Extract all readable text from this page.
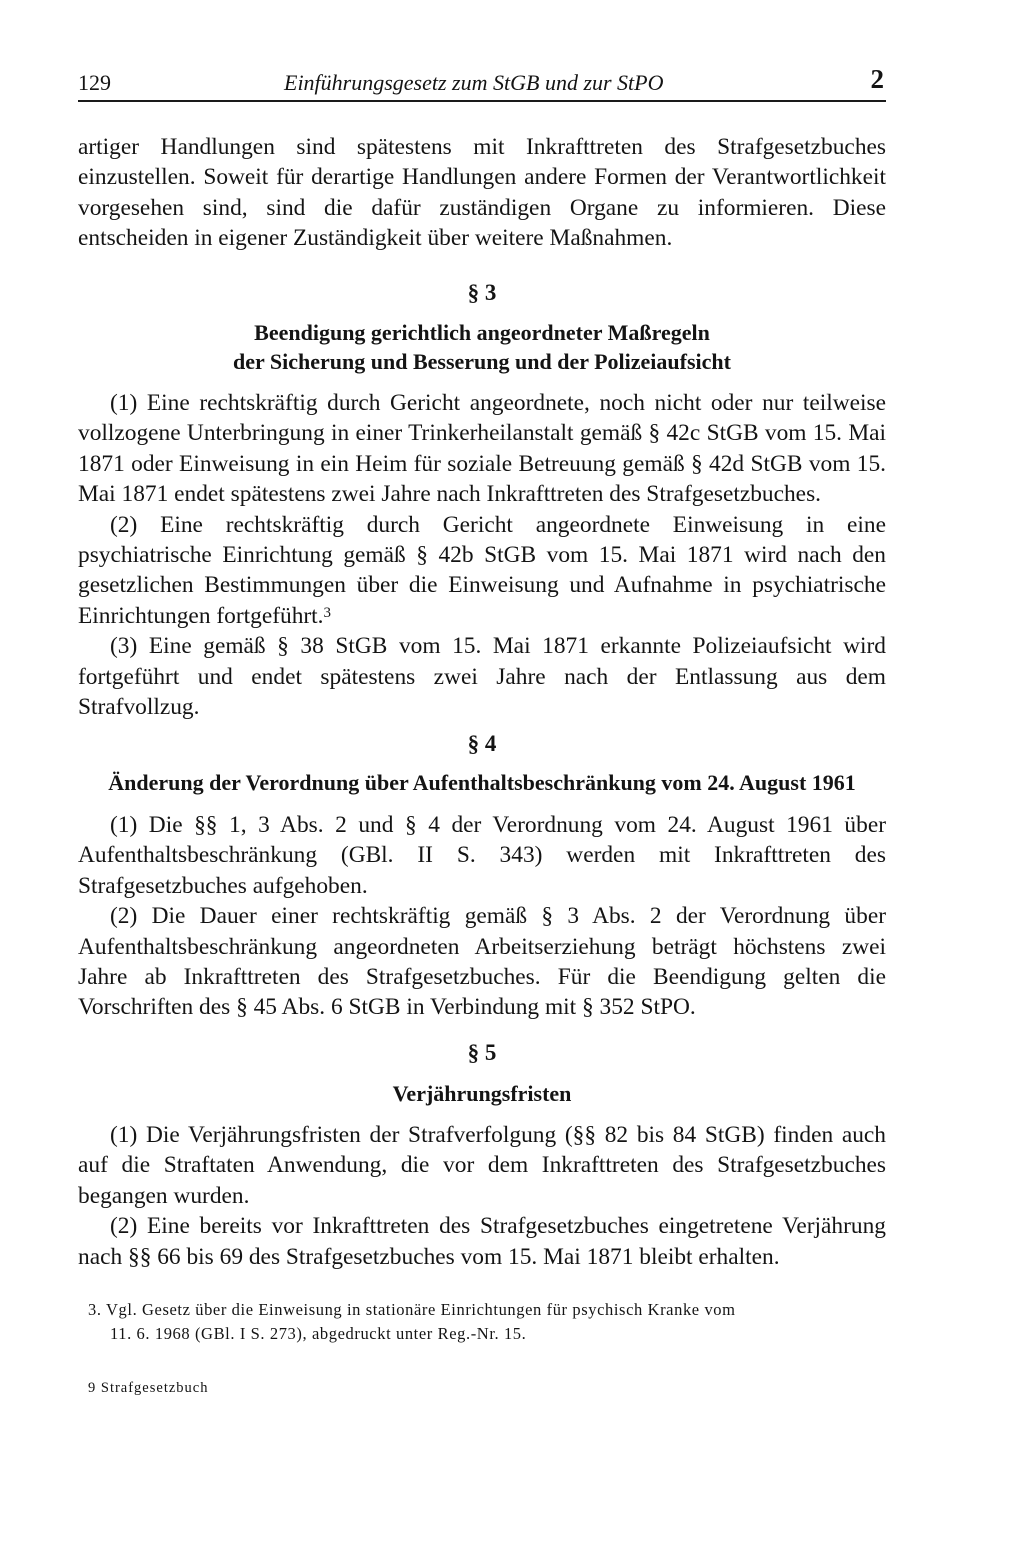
129	Einführungsgesetz zum StGB und zur StPO	2
artiger Handlungen sind spätestens mit Inkrafttreten des Strafgesetzbuches einzustellen. Soweit für derartige Handlungen andere Formen der Verantwortlichkeit vorgesehen sind, sind die dafür zuständigen Organe zu informieren. Diese entscheiden in eigener Zuständigkeit über weitere Maßnahmen.
§ 3
Beendigung gerichtlich angeordneter Maßregeln
der Sicherung und Besserung und der Polizeiaufsicht

(1) Eine rechtskräftig durch Gericht angeordnete, noch nicht oder nur teilweise vollzogene Unterbringung in einer Trinkerheilanstalt gemäß § 42c StGB vom 15. Mai 1871 oder Einweisung in ein Heim für soziale Betreuung gemäß § 42d StGB vom 15. Mai 1871 endet spätestens zwei Jahre nach Inkrafttreten des Strafgesetzbuches.

(2) Eine rechtskräftig durch Gericht angeordnete Einweisung in eine psychiatrische Einrichtung gemäß § 42b StGB vom 15. Mai 1871 wird nach den gesetzlichen Bestimmungen über die Einweisung und Aufnahme in psychiatrische Einrichtungen fortgeführt.$^3$

(3) Eine gemäß § 38 StGB vom 15. Mai 1871 erkannte Polizeiaufsicht wird fortgeführt und endet spätestens zwei Jahre nach der Entlassung aus dem Strafvollzug.

§ 4
Änderung der Verordnung über Aufenthaltsbeschränkung vom 24. August 1961

(1) Die §§ 1, 3 Abs. 2 und § 4 der Verordnung vom 24. August 1961 über Aufenthaltsbeschränkung (GBl. II S. 343) werden mit Inkrafttreten des Strafgesetzbuches aufgehoben.

(2) Die Dauer einer rechtskräftig gemäß § 3 Abs. 2 der Verordnung über Aufenthaltsbeschränkung angeordneten Arbeitserziehung beträgt höchstens zwei Jahre ab Inkrafttreten des Strafgesetzbuches. Für die Beendigung gelten die Vorschriften des § 45 Abs. 6 StGB in Verbindung mit § 352 StPO.

§ 5
Verjährungsfristen

(1) Die Verjährungsfristen der Strafverfolgung (§§ 82 bis 84 StGB) finden auch auf die Straftaten Anwendung, die vor dem Inkrafttreten des Strafgesetzbuches begangen wurden.

(2) Eine bereits vor Inkrafttreten des Strafgesetzbuches eingetretene Verjährung nach §§ 66 bis 69 des Strafgesetzbuches vom 15. Mai 1871 bleibt erhalten.

3. Vgl. Gesetz über die Einweisung in stationäre Einrichtungen für psychisch Kranke vom
11. 6. 1968 (GBl. I S. 273), abgedruckt unter Reg.-Nr. 15.
9 Strafgesetzbuch
